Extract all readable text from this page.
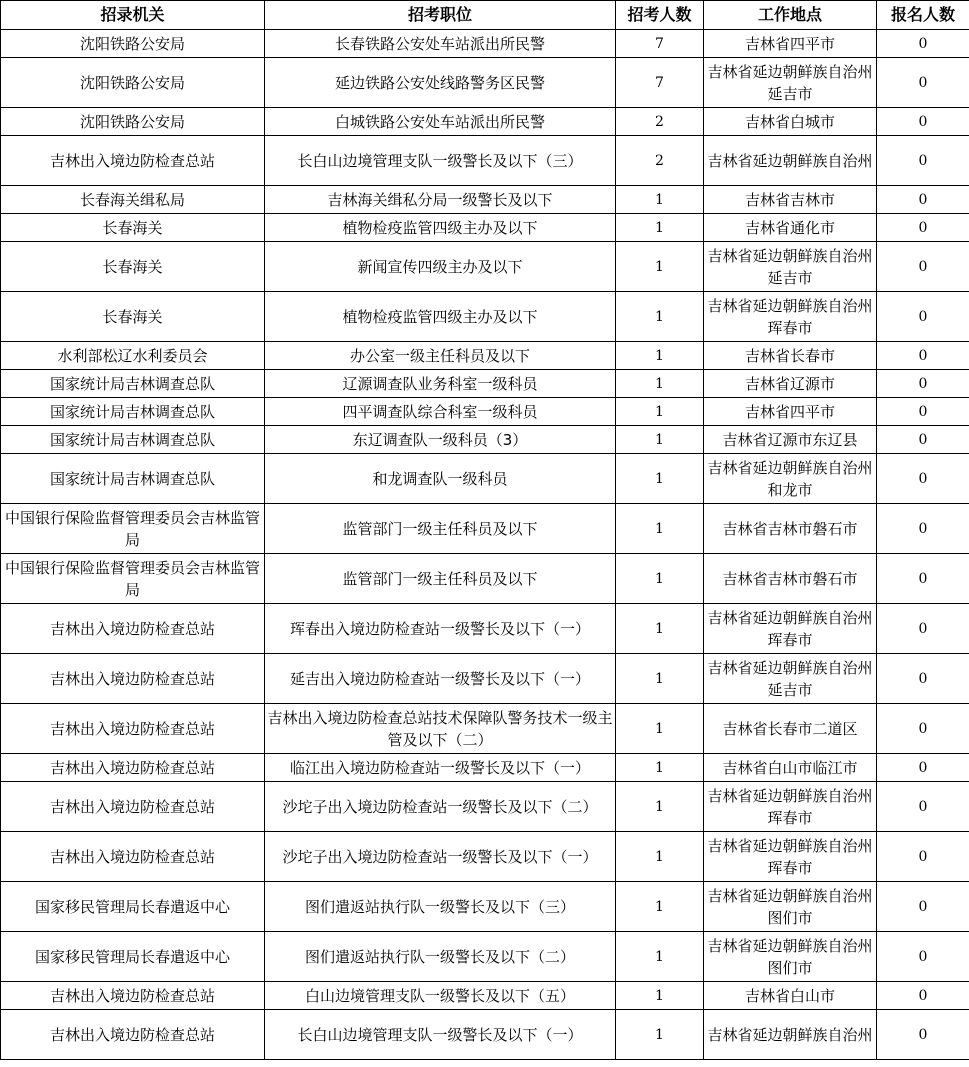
招录机关	招考职位	招考人数	工作地点	报名人数
沈阳铁路公安局	长春铁路公安处车站派出所民警	7	吉林省四平市	0
沈阳铁路公安局	延边铁路公安处线路警务区民警	7	吉林省延边朝鲜族自治州延吉市	0
沈阳铁路公安局	白城铁路公安处车站派出所民警	2	吉林省白城市	0
吉林出入境边防检查总站	长白山边境管理支队一级警长及以下（三）	2	吉林省延边朝鲜族自治州	0
长春海关缉私局	吉林海关缉私分局一级警长及以下	1	吉林省吉林市	0
长春海关	植物检疫监管四级主办及以下	1	吉林省通化市	0
长春海关	新闻宣传四级主办及以下	1	吉林省延边朝鲜族自治州延吉市	0
长春海关	植物检疫监管四级主办及以下	1	吉林省延边朝鲜族自治州珲春市	0
水利部松辽水利委员会	办公室一级主任科员及以下	1	吉林省长春市	0
国家统计局吉林调查总队	辽源调查队业务科室一级科员	1	吉林省辽源市	0
国家统计局吉林调查总队	四平调查队综合科室一级科员	1	吉林省四平市	0
国家统计局吉林调查总队	东辽调查队一级科员（3）	1	吉林省辽源市东辽县	0
国家统计局吉林调查总队	和龙调查队一级科员	1	吉林省延边朝鲜族自治州和龙市	0
中国银行保险监督管理委员会吉林监管局	监管部门一级主任科员及以下	1	吉林省吉林市磐石市	0
中国银行保险监督管理委员会吉林监管局	监管部门一级主任科员及以下	1	吉林省吉林市磐石市	0
吉林出入境边防检查总站	珲春出入境边防检查站一级警长及以下（一）	1	吉林省延边朝鲜族自治州珲春市	0
吉林出入境边防检查总站	延吉出入境边防检查站一级警长及以下（一）	1	吉林省延边朝鲜族自治州延吉市	0
吉林出入境边防检查总站	吉林出入境边防检查总站技术保障队警务技术一级主管及以下（二）	1	吉林省长春市二道区	0
吉林出入境边防检查总站	临江出入境边防检查站一级警长及以下（一）	1	吉林省白山市临江市	0
吉林出入境边防检查总站	沙坨子出入境边防检查站一级警长及以下（二）	1	吉林省延边朝鲜族自治州珲春市	0
吉林出入境边防检查总站	沙坨子出入境边防检查站一级警长及以下（一）	1	吉林省延边朝鲜族自治州珲春市	0
国家移民管理局长春遣返中心	图们遣返站执行队一级警长及以下（三）	1	吉林省延边朝鲜族自治州图们市	0
国家移民管理局长春遣返中心	图们遣返站执行队一级警长及以下（二）	1	吉林省延边朝鲜族自治州图们市	0
吉林出入境边防检查总站	白山边境管理支队一级警长及以下（五）	1	吉林省白山市	0
吉林出入境边防检查总站	长白山边境管理支队一级警长及以下（一）	1	吉林省延边朝鲜族自治州	0
